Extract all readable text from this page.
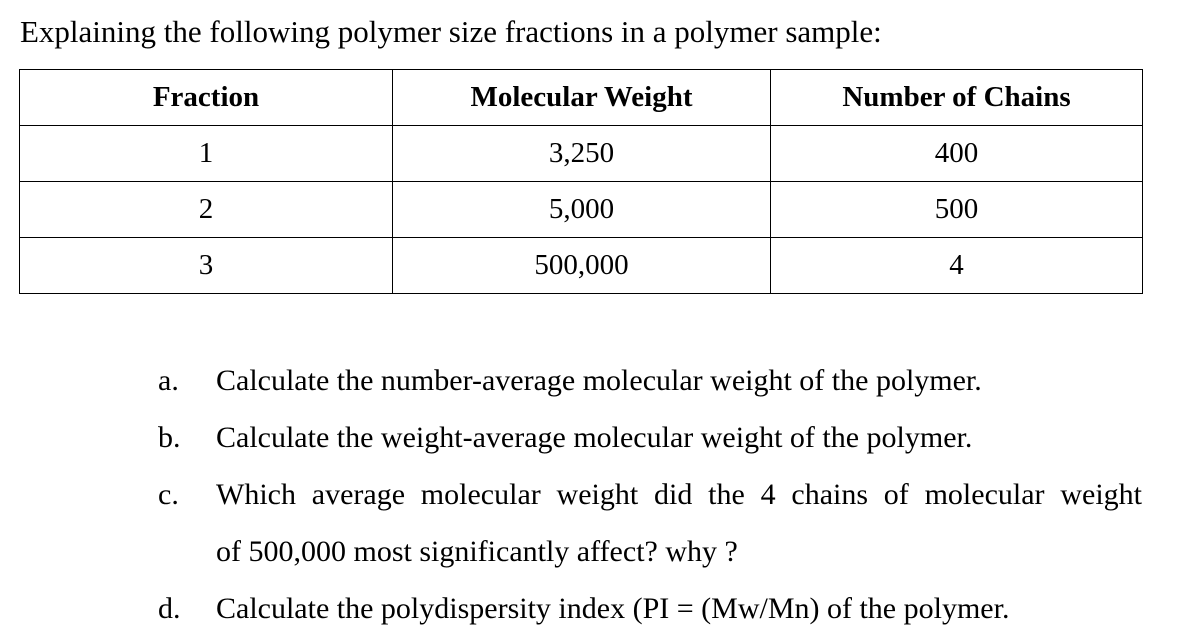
Explaining the following polymer size fractions in a polymer sample:
Fraction	Molecular Weight	Number of Chains
1	3,250	400
2	5,000	500
3	500,000	4
a.	Calculate the number-average molecular weight of the polymer.
b.	Calculate the weight-average molecular weight of the polymer.
c.	Which average molecular weight did the 4 chains of molecular weight
of 500,000 most significantly affect? why ?
d.	Calculate the polydispersity index (PI = (Mw/Mn) of the polymer.
